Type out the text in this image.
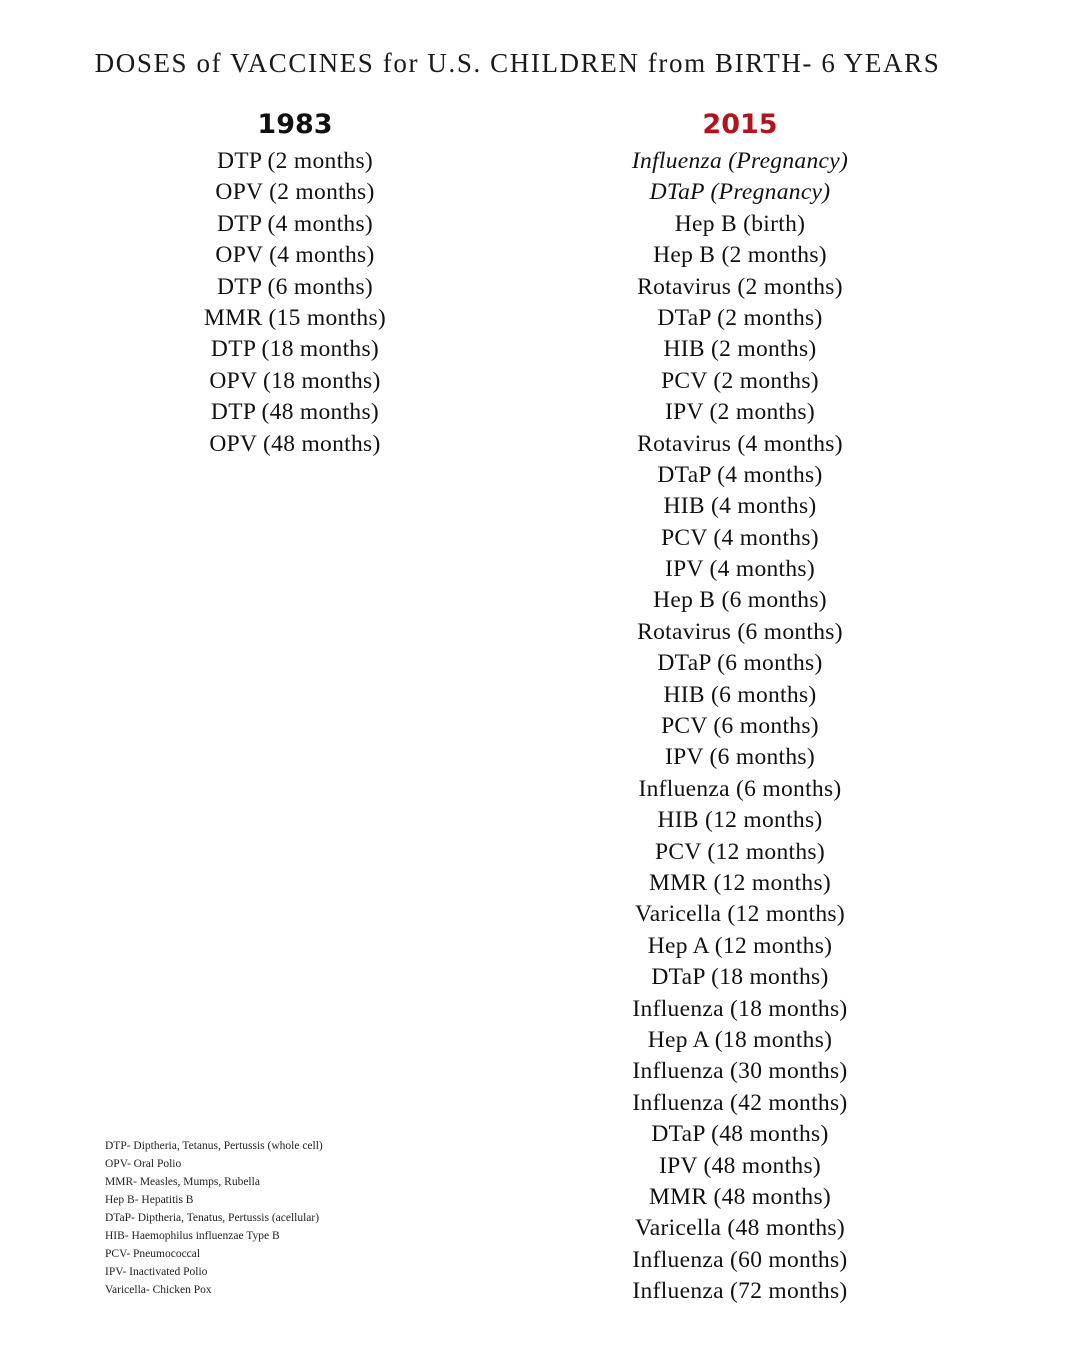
DOSES of VACCINES for U.S. CHILDREN from BIRTH- 6 YEARS
1983
DTP (2 months)
OPV (2 months)
DTP (4 months)
OPV (4 months)
DTP (6 months)
MMR (15 months)
DTP (18 months)
OPV (18 months)
DTP (48 months)
OPV (48 months)
2015
Influenza (Pregnancy)
DTaP (Pregnancy)
Hep B (birth)
Hep B (2 months)
Rotavirus (2 months)
DTaP (2 months)
HIB (2 months)
PCV (2 months)
IPV (2 months)
Rotavirus (4 months)
DTaP (4 months)
HIB (4 months)
PCV (4 months)
IPV (4 months)
Hep B (6 months)
Rotavirus (6 months)
DTaP (6 months)
HIB (6 months)
PCV (6 months)
IPV (6 months)
Influenza (6 months)
HIB (12 months)
PCV (12 months)
MMR (12 months)
Varicella (12 months)
Hep A (12 months)
DTaP (18 months)
Influenza (18 months)
Hep A (18 months)
Influenza (30 months)
Influenza (42 months)
DTaP (48 months)
IPV (48 months)
MMR (48 months)
Varicella (48 months)
Influenza (60 months)
Influenza (72 months)
DTP- Diptheria, Tetanus, Pertussis (whole cell)
OPV- Oral Polio
MMR- Measles, Mumps, Rubella
Hep B- Hepatitis B
DTaP- Diptheria, Tenatus, Pertussis (acellular)
HIB- Haemophilus influenzae Type B
PCV- Pneumococcal
IPV- Inactivated Polio
Varicella- Chicken Pox
